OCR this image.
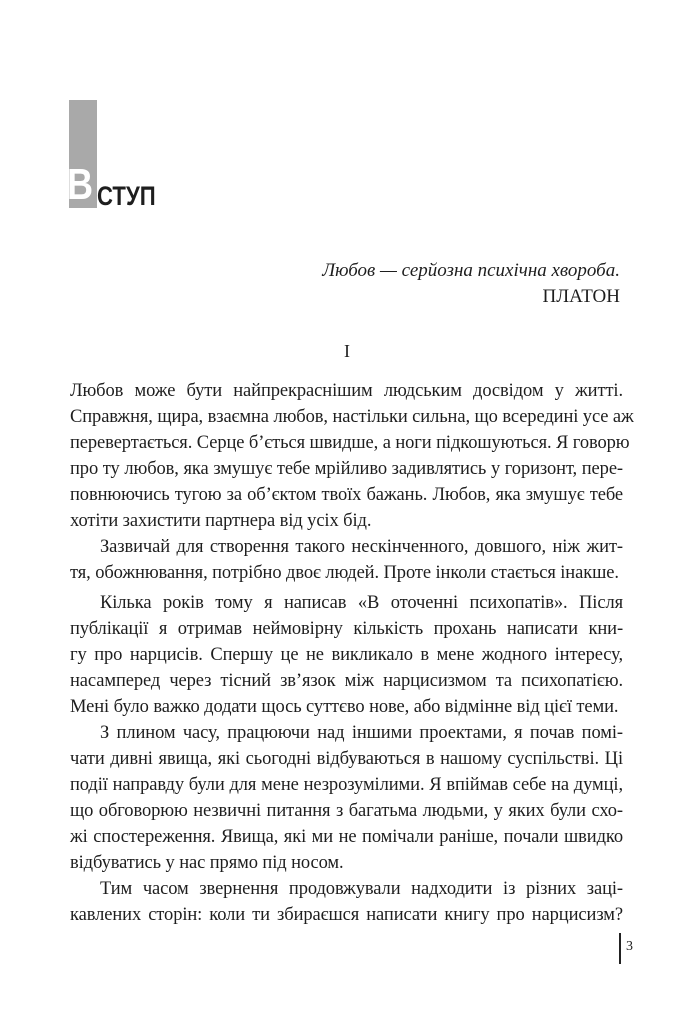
В СТУП
Любов — серйозна психічна хвороба.
ПЛАТОН
I
Любов може бути найпрекраснішим людським досвідом у житті.
Справжня, щира, взаємна любов, настільки сильна, що всередині усе аж
перевертається. Серце б’ється швидше, а ноги підкошуються. Я говорю
про ту любов, яка змушує тебе мрійливо задивлятись у горизонт, пере-
повнюючись тугою за об’єктом твоїх бажань. Любов, яка змушує тебе
хотіти захистити партнера від усіх бід.
Зазвичай для створення такого нескінченного, довшого, ніж жит-
тя, обожнювання, потрібно двоє людей. Проте інколи стається інакше.
Кілька років тому я написав «В оточенні психопатів». Після
публікації я отримав неймовірну кількість прохань написати кни-
гу про нарцисів. Спершу це не викликало в мене жодного інтересу,
насамперед через тісний зв’язок між нарцисизмом та психопатією.
Мені було важко додати щось суттєво нове, або відмінне від цієї теми.
З плином часу, працюючи над іншими проектами, я почав помі-
чати дивні явища, які сьогодні відбуваються в нашому суспільстві. Ці
події направду були для мене незрозумілими. Я впіймав себе на думці,
що обговорюю незвичні питання з багатьма людьми, у яких були схо-
жі спостереження. Явища, які ми не помічали раніше, почали швидко
відбуватись у нас прямо під носом.
Тим часом звернення продовжували надходити із різних заці-
кавлених сторін: коли ти збираєшся написати книгу про нарцисизм?
3
